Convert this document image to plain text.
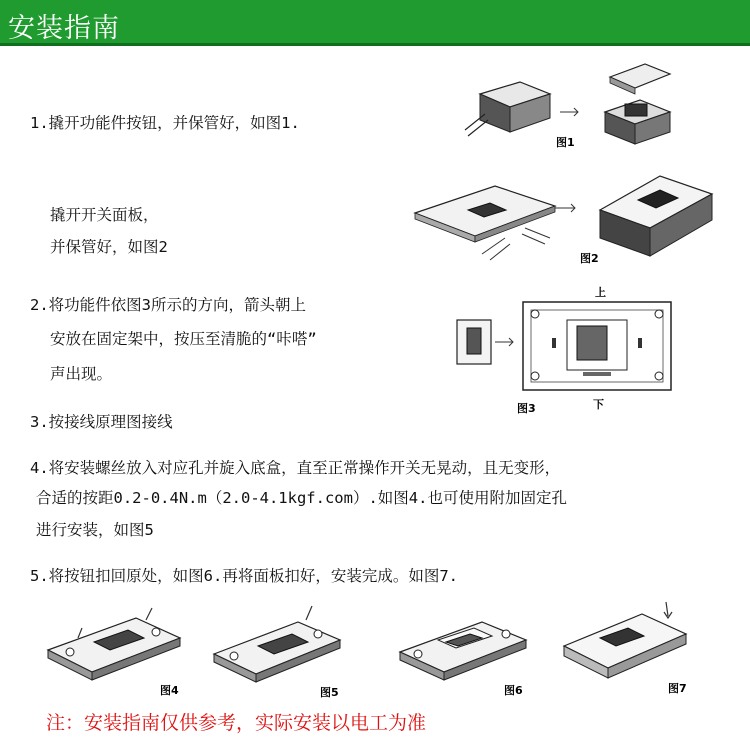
安装指南
1.撬开功能件按钮，并保管好，如图1.
图1
撬开开关面板，
并保管好，如图2
图2
2.将功能件依图3所示的方向，箭头朝上
安放在固定架中，按压至清脆的“咔嗒”
声出现。
上
下
图3
3.按接线原理图接线
4.将安装螺丝放入对应孔并旋入底盒，直至正常操作开关无晃动，且无变形，
合适的按距0.2-0.4N.m（2.0-4.1kgf.com）.如图4.也可使用附加固定孔
进行安装，如图5
5.将按钮扣回原处，如图6.再将面板扣好，安装完成。如图7.
图4	图5	图6	图7
注：安装指南仅供参考，实际安装以电工为准
